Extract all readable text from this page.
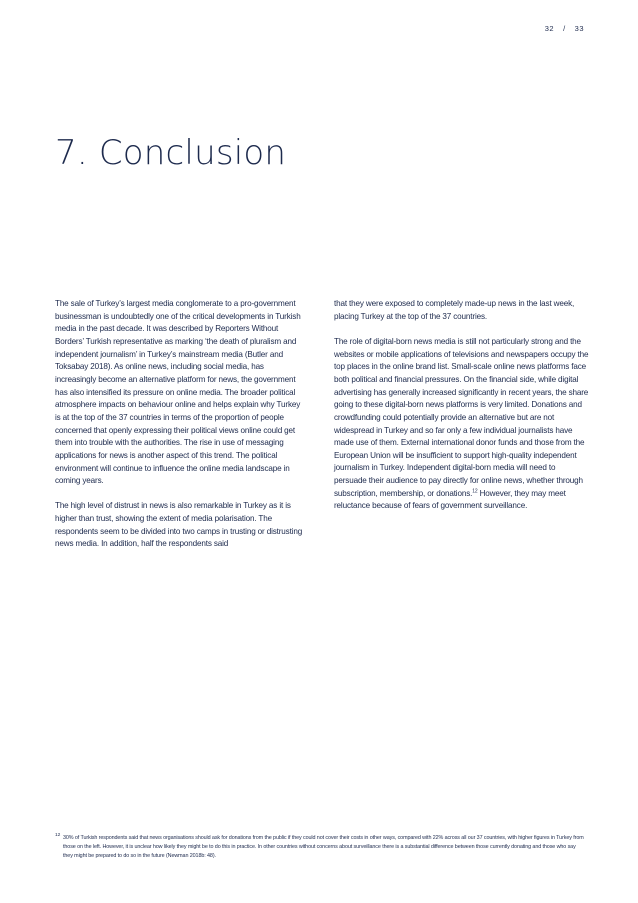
32 / 33
7. Conclusion

The sale of Turkey’s largest media conglomerate to a pro-government businessman is undoubtedly one of the critical developments in Turkish media in the past decade. It was described by Reporters Without Borders’ Turkish representative as marking ‘the death of pluralism and independent journalism’ in Turkey’s mainstream media (Butler and Toksabay 2018). As online news, including social media, has increasingly become an alternative platform for news, the government has also intensified its pressure on online media. The broader political atmosphere impacts on behaviour online and helps explain why Turkey is at the top of the 37 countries in terms of the proportion of people concerned that openly expressing their political views online could get them into trouble with the authorities. The rise in use of messaging applications for news is another aspect of this trend. The political environment will continue to influence the online media landscape in coming years.

The high level of distrust in news is also remarkable in Turkey as it is higher than trust, showing the extent of media polarisation. The respondents seem to be divided into two camps in trusting or distrusting news media. In addition, half the respondents said

that they were exposed to completely made-up news in the last week, placing Turkey at the top of the 37 countries.

The role of digital-born news media is still not particularly strong and the websites or mobile applications of televisions and newspapers occupy the top places in the online brand list. Small-scale online news platforms face both political and financial pressures. On the financial side, while digital advertising has generally increased significantly in recent years, the share going to these digital-born news platforms is very limited. Donations and crowdfunding could potentially provide an alternative but are not widespread in Turkey and so far only a few individual journalists have made use of them. External international donor funds and those from the European Union will be insufficient to support high-quality independent journalism in Turkey. Independent digital-born media will need to persuade their audience to pay directly for online news, whether through subscription, membership, or donations.$^{12}$ However, they may meet reluctance because of fears of government surveillance.

12 30% of Turkish respondents said that news organisations should ask for donations from the public if they could not cover their costs in other ways, compared with 22% across all our 37 countries, with higher figures in Turkey from those on the left. However, it is unclear how likely they might be to do this in practice. In other countries without concerns about surveillance there is a substantial difference between those currently donating and those who say they might be prepared to do so in the future (Newman 2018b: 48).
